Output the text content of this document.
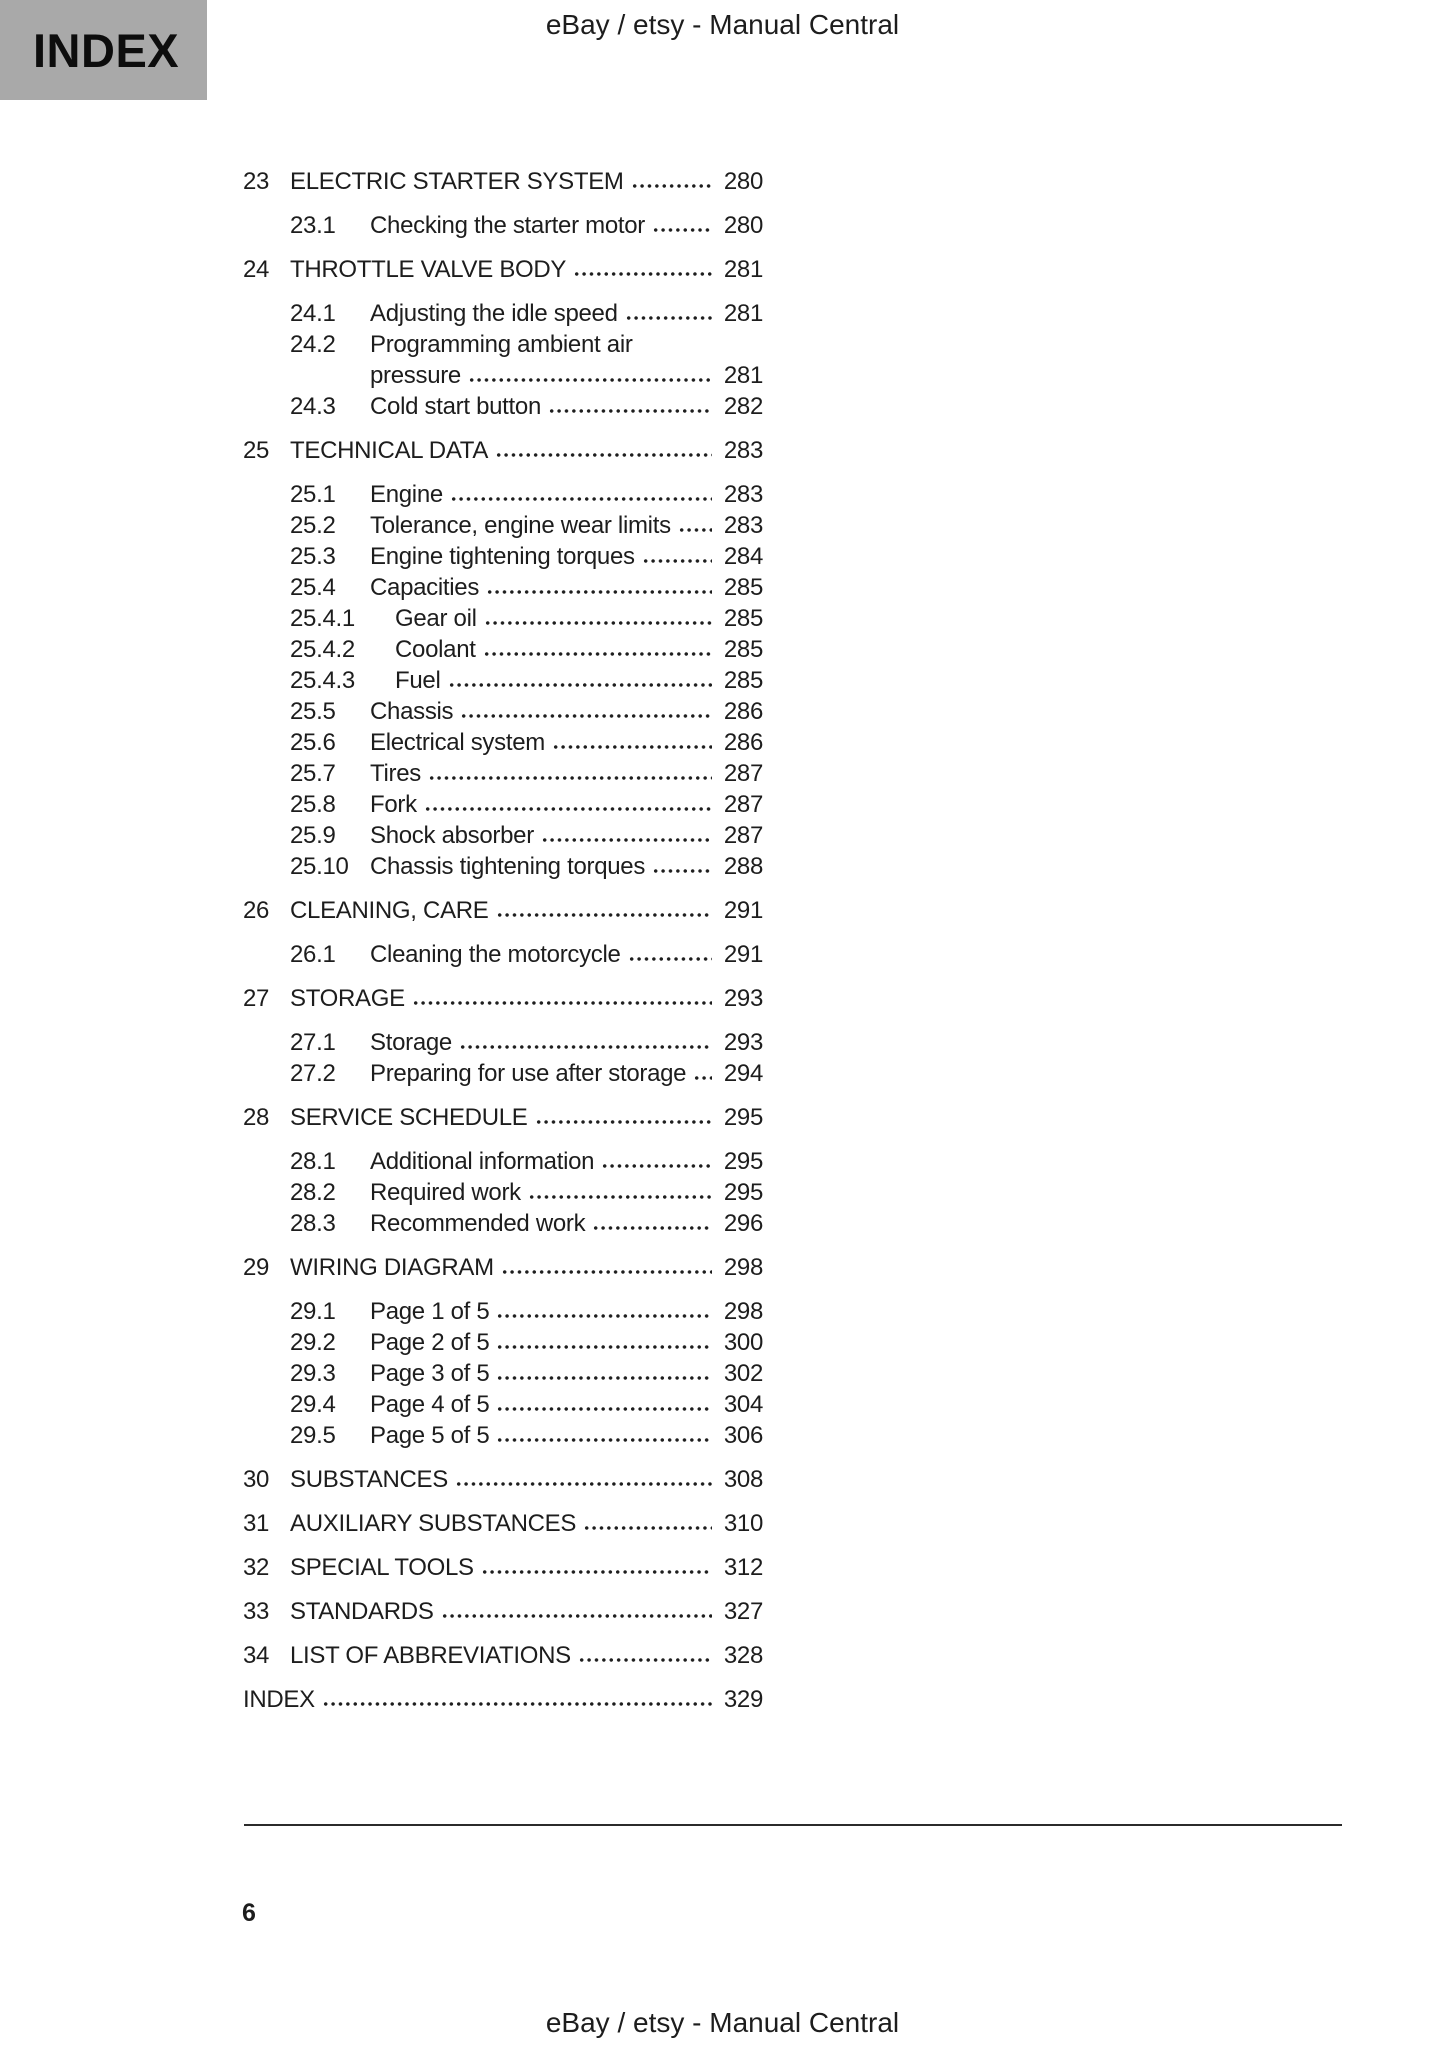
INDEX	eBay / etsy - Manual Central
23 ELECTRIC STARTER SYSTEM	280
23.1	Checking the starter motor	280
24 THROTTLE VALVE BODY	281
24.1	Adjusting the idle speed	281
24.2	Programming ambient air
pressure	281
24.3	Cold start button	282
25 TECHNICAL DATA	283
25.1	Engine	283
25.2	Tolerance, engine wear limits 283
25.3	Engine tightening torques	284
25.4	Capacities	285
25.4.1	Gear oil	285
25.4.2	Coolant	285
25.4.3	Fuel	285
25.5	Chassis	286
25.6	Electrical system	286
25.7	Tires	287
25.8	Fork	287
25.9	Shock absorber	287
25.10 Chassis tightening torques	288
26 CLEANING, CARE	291
26.1	Cleaning the motorcycle	291
27 STORAGE	293
27.1	Storage	293
27.2	Preparing for use after storage 294
28 SERVICE SCHEDULE	295
28.1	Additional information	295
28.2	Required work	295
28.3	Recommended work	296
29 WIRING DIAGRAM	298
29.1	Page 1 of 5	298
29.2	Page 2 of 5	300
29.3	Page 3 of 5	302
29.4	Page 4 of 5	304
29.5	Page 5 of 5	306
30 SUBSTANCES	308
31 AUXILIARY SUBSTANCES	310
32 SPECIAL TOOLS	312
33 STANDARDS	327
34 LIST OF ABBREVIATIONS	328
INDEX	329
6
eBay / etsy - Manual Central
